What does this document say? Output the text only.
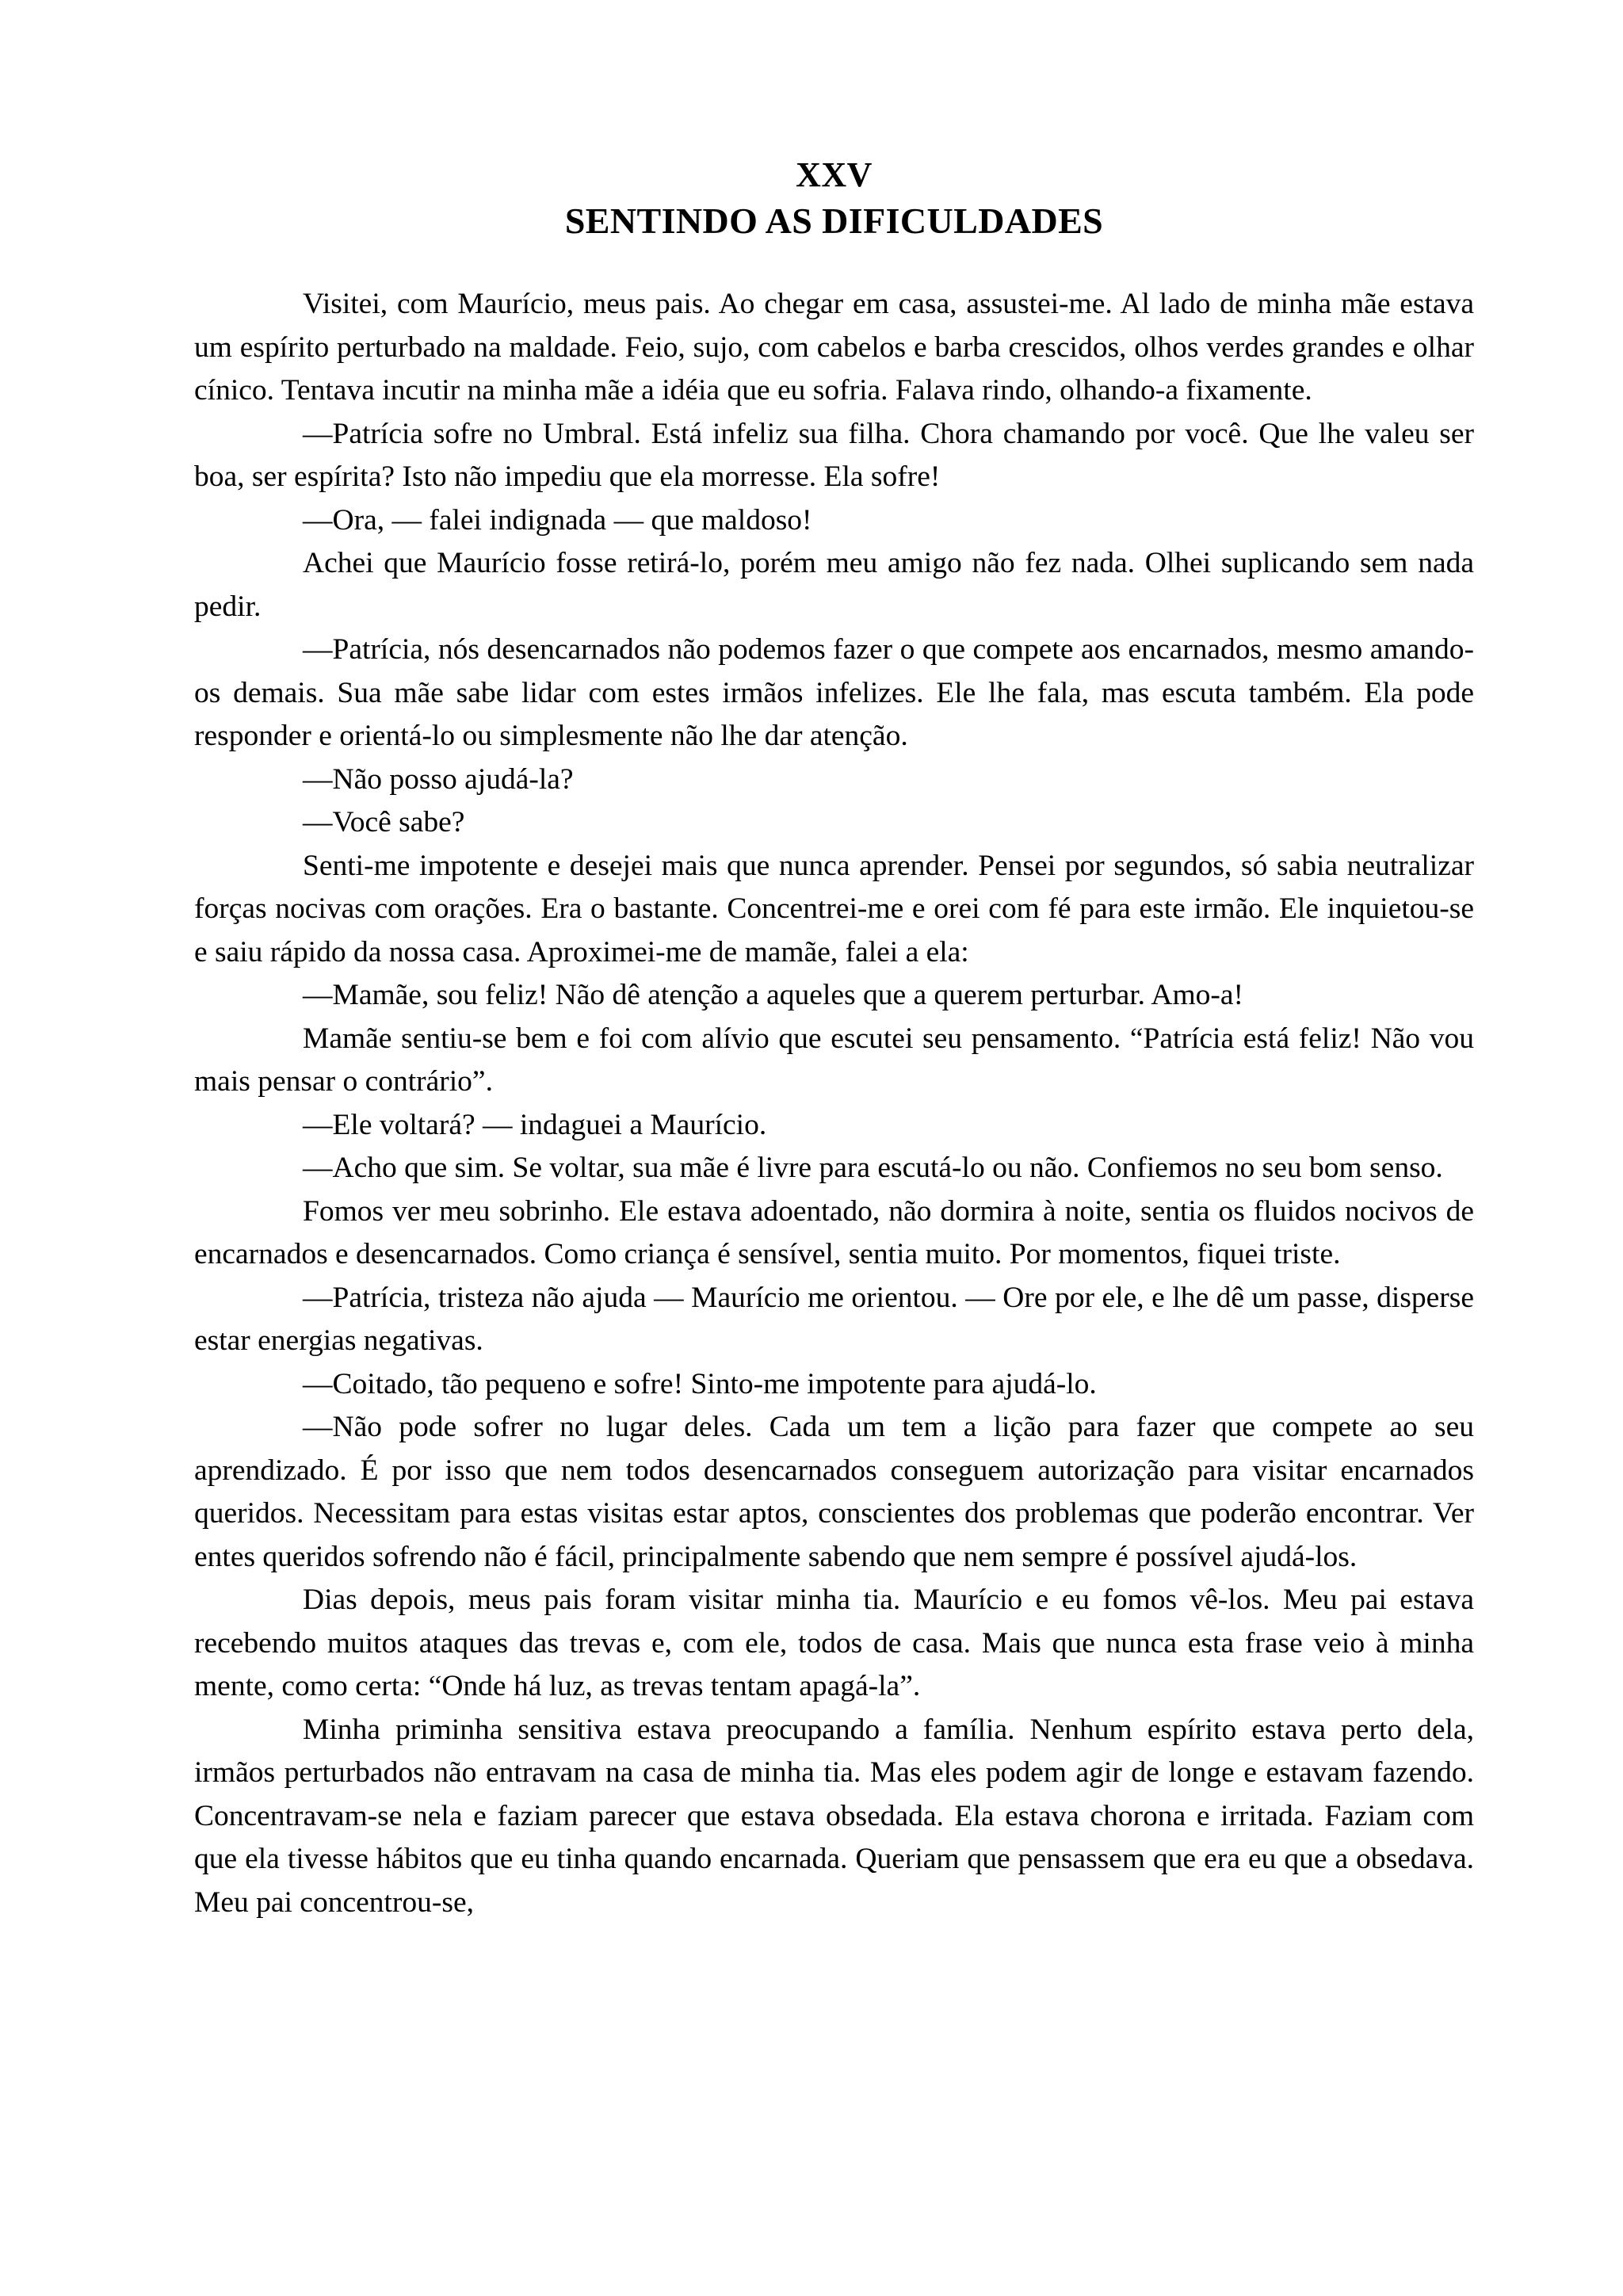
XXV

SENTINDO AS DIFICULDADES

Visitei, com Maurício, meus pais. Ao chegar em casa, assustei-me. Al lado de minha mãe estava um espírito perturbado na maldade. Feio, sujo, com cabelos e barba crescidos, olhos verdes grandes e olhar cínico. Tentava incutir na minha mãe a idéia que eu sofria. Falava rindo, olhando-a fixamente.

—Patrícia sofre no Umbral. Está infeliz sua filha. Chora chamando por você. Que lhe valeu ser boa, ser espírita? Isto não impediu que ela morresse. Ela sofre!

—Ora, — falei indignada — que maldoso!

Achei que Maurício fosse retirá-lo, porém meu amigo não fez nada. Olhei suplicando sem nada pedir.

—Patrícia, nós desencarnados não podemos fazer o que compete aos encarnados, mesmo amando-os demais. Sua mãe sabe lidar com estes irmãos infelizes. Ele lhe fala, mas escuta também. Ela pode responder e orientá-lo ou simplesmente não lhe dar atenção.

—Não posso ajudá-la?

—Você sabe?

Senti-me impotente e desejei mais que nunca aprender. Pensei por segundos, só sabia neutralizar forças nocivas com orações. Era o bastante. Concentrei-me e orei com fé para este irmão. Ele inquietou-se e saiu rápido da nossa casa. Aproximei-me de mamãe, falei a ela:

—Mamãe, sou feliz! Não dê atenção a aqueles que a querem perturbar. Amo-a!

Mamãe sentiu-se bem e foi com alívio que escutei seu pensamento. “Patrícia está feliz! Não vou mais pensar o contrário”.

—Ele voltará? — indaguei a Maurício.

—Acho que sim. Se voltar, sua mãe é livre para escutá-lo ou não. Confiemos no seu bom senso.

Fomos ver meu sobrinho. Ele estava adoentado, não dormira à noite, sentia os fluidos nocivos de encarnados e desencarnados. Como criança é sensível, sentia muito. Por momentos, fiquei triste.

—Patrícia, tristeza não ajuda — Maurício me orientou. — Ore por ele, e lhe dê um passe, disperse estar energias negativas.

—Coitado, tão pequeno e sofre! Sinto-me impotente para ajudá-lo.

—Não pode sofrer no lugar deles. Cada um tem a lição para fazer que compete ao seu aprendizado. É por isso que nem todos desencarnados conseguem autorização para visitar encarnados queridos. Necessitam para estas visitas estar aptos, conscientes dos problemas que poderão encontrar. Ver entes queridos sofrendo não é fácil, principalmente sabendo que nem sempre é possível ajudá-los.

Dias depois, meus pais foram visitar minha tia. Maurício e eu fomos vê-los. Meu pai estava recebendo muitos ataques das trevas e, com ele, todos de casa. Mais que nunca esta frase veio à minha mente, como certa: “Onde há luz, as trevas tentam apagá-la”.

Minha priminha sensitiva estava preocupando a família. Nenhum espírito estava perto dela, irmãos perturbados não entravam na casa de minha tia. Mas eles podem agir de longe e estavam fazendo. Concentravam-se nela e faziam parecer que estava obsedada. Ela estava chorona e irritada. Faziam com que ela tivesse hábitos que eu tinha quando encarnada. Queriam que pensassem que era eu que a obsedava. Meu pai concentrou-se,
